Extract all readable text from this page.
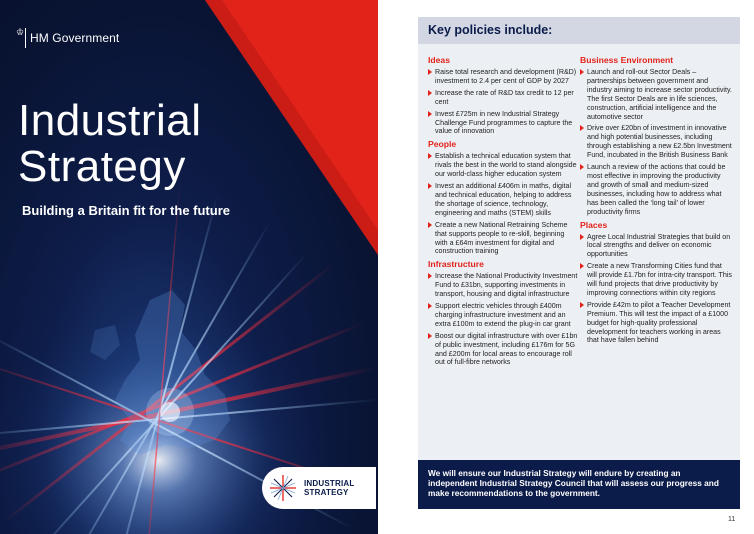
♔ HM Government
Industrial
Strategy
Building a Britain fit for the future
INDUSTRIAL
STRATEGY
Key policies include:
Ideas
Raise total research and development (R&D) investment to 2.4 per cent of GDP by 2027
Increase the rate of R&D tax credit to 12 per cent
Invest £725m in new Industrial Strategy Challenge Fund programmes to capture the value of innovation
People
Establish a technical education system that rivals the best in the world to stand alongside our world-class higher education system
Invest an additional £406m in maths, digital and technical education, helping to address the shortage of science, technology, engineering and maths (STEM) skills
Create a new National Retraining Scheme that supports people to re-skill, beginning with a £64m investment for digital and construction training
Infrastructure
Increase the National Productivity Investment Fund to £31bn, supporting investments in transport, housing and digital infrastructure
Support electric vehicles through £400m charging infrastructure investment and an extra £100m to extend the plug-in car grant
Boost our digital infrastructure with over £1bn of public investment, including £176m for 5G and £200m for local areas to encourage roll out of full-fibre networks
Business Environment
Launch and roll-out Sector Deals – partnerships between government and industry aiming to increase sector productivity. The first Sector Deals are in life sciences, construction, artificial intelligence and the automotive sector
Drive over £20bn of investment in innovative and high potential businesses, including through establishing a new £2.5bn Investment Fund, incubated in the British Business Bank
Launch a review of the actions that could be most effective in improving the productivity and growth of small and medium-sized businesses, including how to address what has been called the ‘long tail’ of lower productivity firms
Places
Agree Local Industrial Strategies that build on local strengths and deliver on economic opportunities
Create a new Transforming Cities fund that will provide £1.7bn for intra-city transport. This will fund projects that drive productivity by improving connections within city regions
Provide £42m to pilot a Teacher Development Premium. This will test the impact of a £1000 budget for high-quality professional development for teachers working in areas that have fallen behind
We will ensure our Industrial Strategy will endure by creating an independent Industrial Strategy Council that will assess our progress and make recommendations to the government.
11
